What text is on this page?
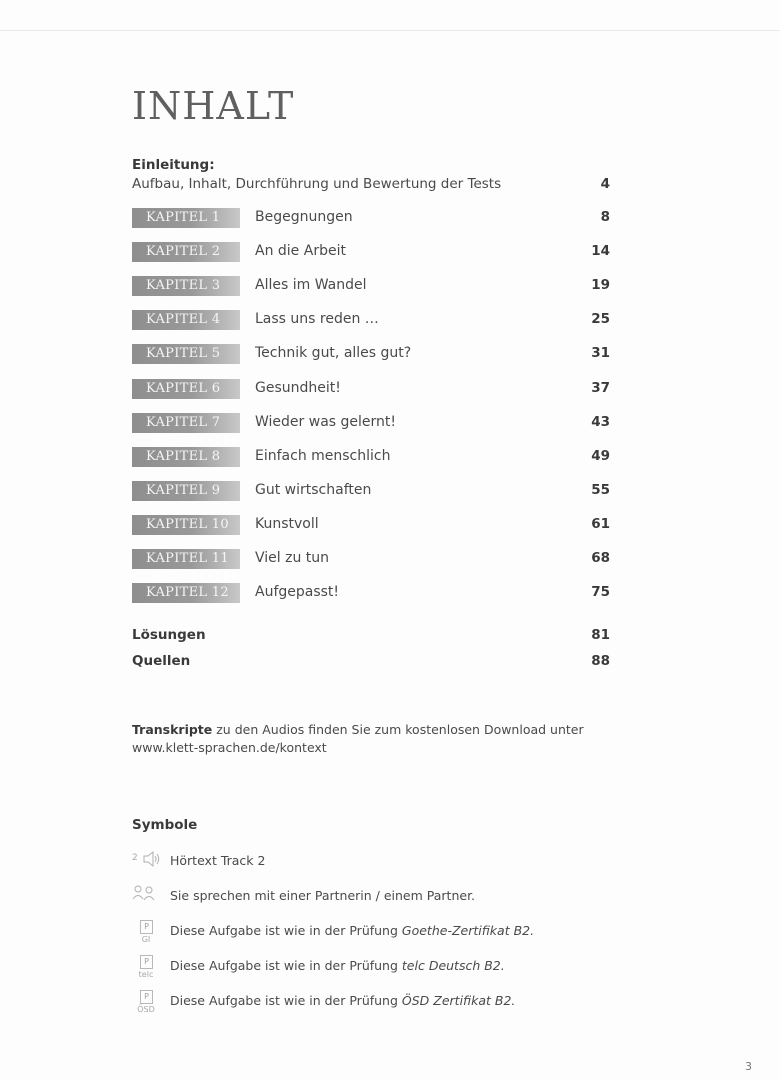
INHALT
Einleitung:
Aufbau, Inhalt, Durchführung und Bewertung der Tests	4
KAPITEL 1	Begegnungen	8
KAPITEL 2	An die Arbeit	14
KAPITEL 3	Alles im Wandel	19
KAPITEL 4	Lass uns reden …	25
KAPITEL 5	Technik gut, alles gut?	31
KAPITEL 6	Gesundheit!	37
KAPITEL 7	Wieder was gelernt!	43
KAPITEL 8	Einfach menschlich	49
KAPITEL 9	Gut wirtschaften	55
KAPITEL 10	Kunstvoll	61
KAPITEL 11	Viel zu tun	68
KAPITEL 12	Aufgepasst!	75
Lösungen	81
Quellen	88
Transkripte zu den Audios finden Sie zum kostenlosen Download unter
www.klett-sprachen.de/kontext
Symbole
2	Hörtext Track 2
Sie sprechen mit einer Partnerin / einem Partner.
P
GI
Diese Aufgabe ist wie in der Prüfung Goethe-Zertifikat B2.
P
telc
Diese Aufgabe ist wie in der Prüfung telc Deutsch B2.
P
ÖSD
Diese Aufgabe ist wie in der Prüfung ÖSD Zertifikat B2.
3
